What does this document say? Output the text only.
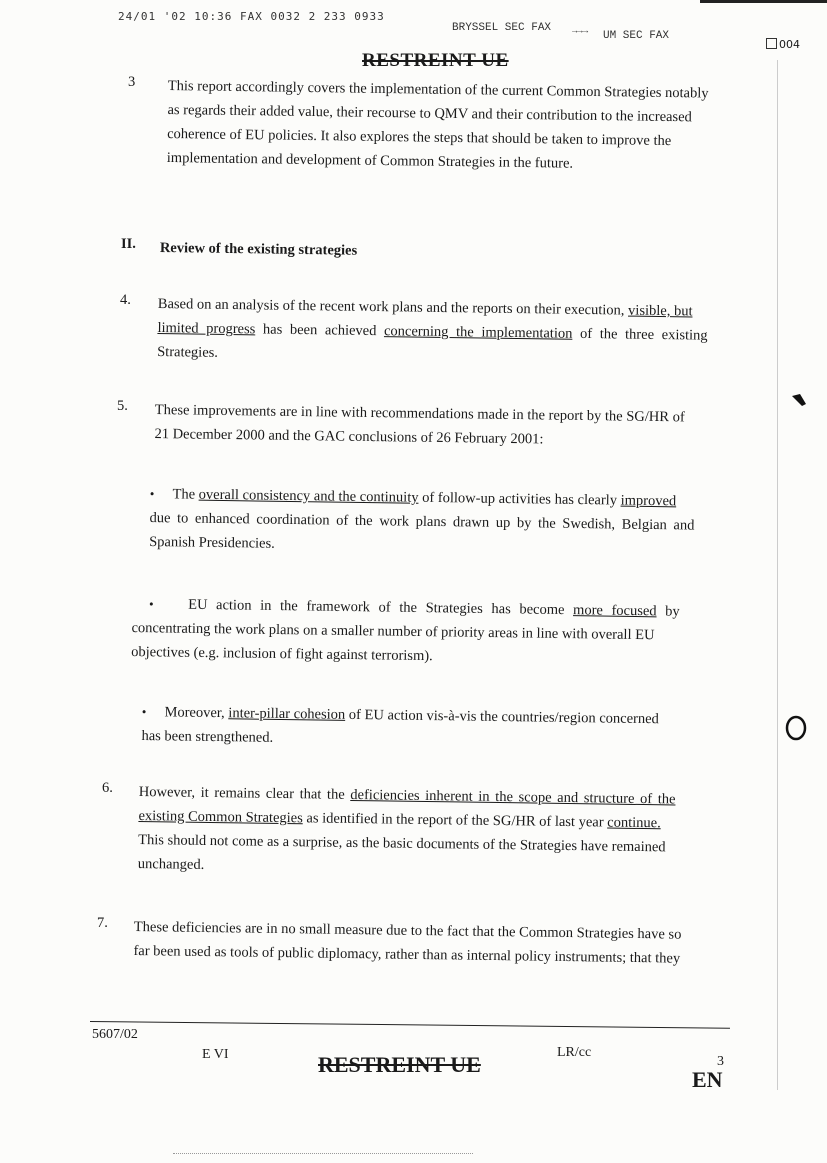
24/01 '02 10:36 FAX 0032 2 233 0933
BRYSSEL SEC FAX →→→ UM SEC FAX
004
RESTREINT UE
3 This report accordingly covers the implementation of the current Common Strategies notably
as regards their added value, their recourse to QMV and their contribution to the increased
coherence of EU policies. It also explores the steps that should be taken to improve the
implementation and development of Common Strategies in the future.
II. Review of the existing strategies
4. Based on an analysis of the recent work plans and the reports on their execution, visible, but
limited progress has been achieved concerning the implementation of the three existing
Strategies.
5. These improvements are in line with recommendations made in the report by the SG/HR of
21 December 2000 and the GAC conclusions of 26 February 2001:
• The overall consistency and the continuity of follow-up activities has clearly improved
due to enhanced coordination of the work plans drawn up by the Swedish, Belgian and
Spanish Presidencies.
• EU action in the framework of the Strategies has become more focused by
concentrating the work plans on a smaller number of priority areas in line with overall EU
objectives (e.g. inclusion of fight against terrorism).
• Moreover, inter-pillar cohesion of EU action vis-à-vis the countries/region concerned
has been strengthened.
6. However, it remains clear that the deficiencies inherent in the scope and structure of the
existing Common Strategies as identified in the report of the SG/HR of last year continue.
This should not come as a surprise, as the basic documents of the Strategies have remained
unchanged.
7. These deficiencies are in no small measure due to the fact that the Common Strategies have so
far been used as tools of public diplomacy, rather than as internal policy instruments; that they
5607/02
E VI	RESTREINT UE	LR/cc
3
EN
